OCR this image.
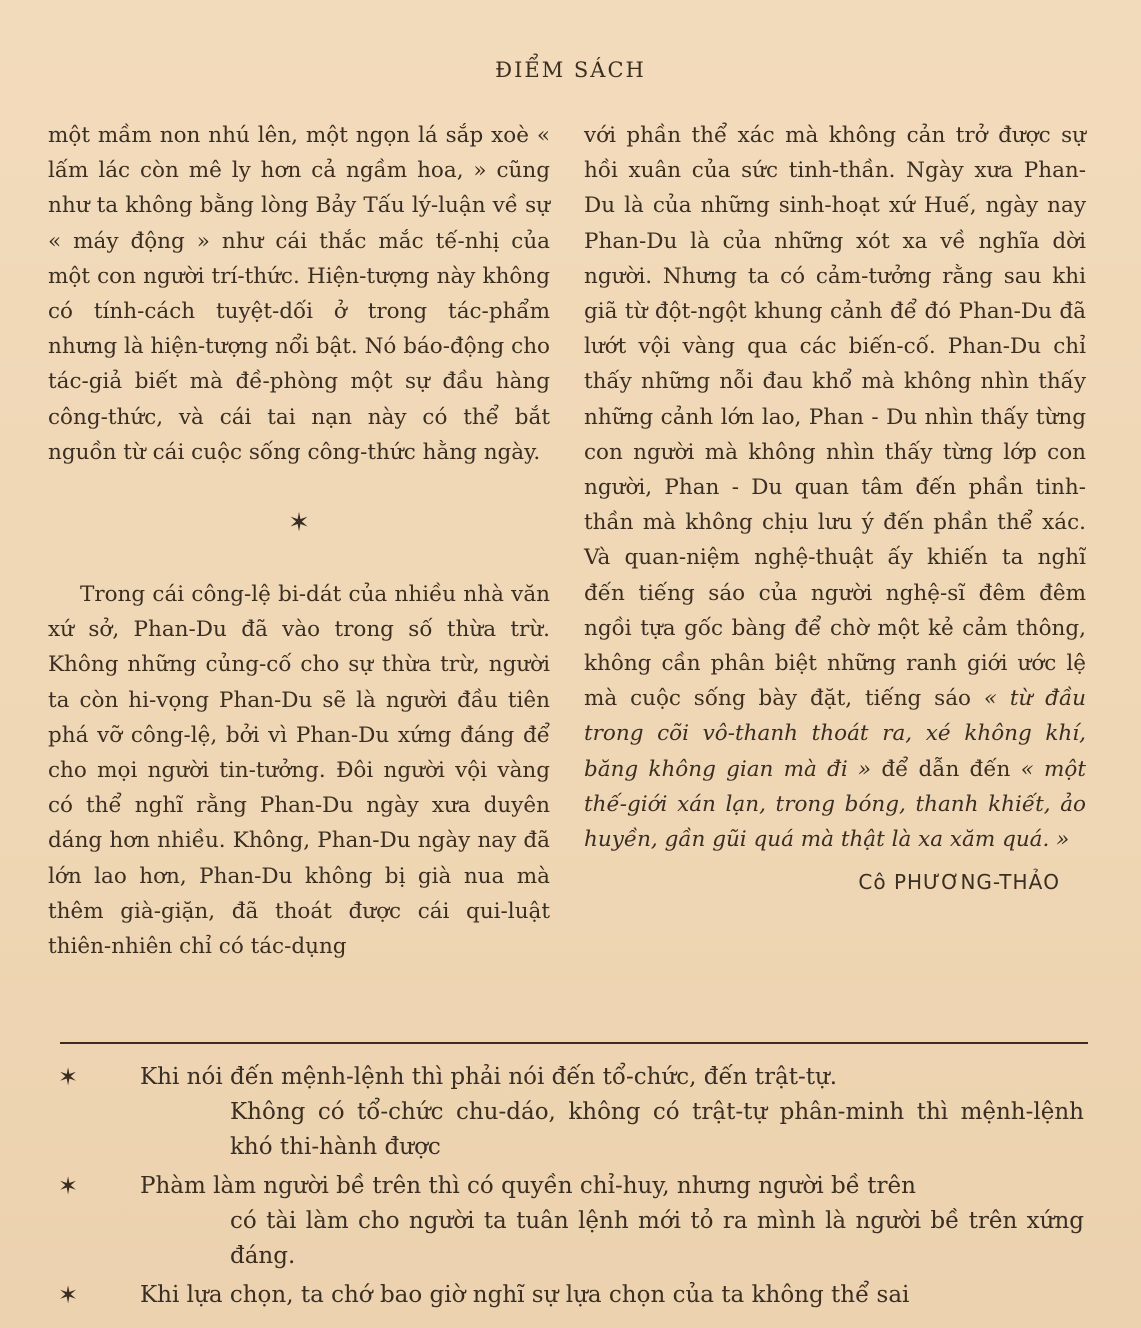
ĐIỂM SÁCH

một mầm non nhú lên, một ngọn lá sắp xoè « lấm lác còn mê ly hơn cả ngầm hoa, » cũng như ta không bằng lòng Bảy Tấu lý-luận về sự « máy động » như cái thắc mắc tế-nhị của một con người trí-thức. Hiện-tượng này không có tính-cách tuyệt-dối ở trong tác-phẩm nhưng là hiện-tượng nổi bật. Nó báo-động cho tác-giả biết mà đề-phòng một sự đầu hàng công-thức, và cái tai nạn này có thể bắt nguồn từ cái cuộc sống công-thức hằng ngày.

✶

Trong cái công-lệ bi-dát của nhiều nhà văn xứ sở, Phan-Du đã vào trong số thừa trừ. Không những củng-cố cho sự thừa trừ, người ta còn hi-vọng Phan-Du sẽ là người đầu tiên phá vỡ công-lệ, bởi vì Phan-Du xứng đáng để cho mọi người tin-tưởng. Đôi người vội vàng có thể nghĩ rằng Phan-Du ngày xưa duyên dáng hơn nhiều. Không, Phan-Du ngày nay đã lớn lao hơn, Phan-Du không bị già nua mà thêm già-giặn, đã thoát được cái qui-luật thiên-nhiên chỉ có tác-dụng

với phần thể xác mà không cản trở được sự hồi xuân của sức tinh-thần. Ngày xưa Phan-Du là của những sinh-hoạt xứ Huế, ngày nay Phan-Du là của những xót xa về nghĩa dời người. Nhưng ta có cảm-tưởng rằng sau khi giã từ đột-ngột khung cảnh để đó Phan-Du đã lướt vội vàng qua các biến-cố. Phan-Du chỉ thấy những nỗi đau khổ mà không nhìn thấy những cảnh lớn lao, Phan - Du nhìn thấy từng con người mà không nhìn thấy từng lớp con người, Phan - Du quan tâm đến phần tinh-thần mà không chịu lưu ý đến phần thể xác. Và quan-niệm nghệ-thuật ấy khiến ta nghĩ đến tiếng sáo của người nghệ-sĩ đêm đêm ngồi tựa gốc bàng để chờ một kẻ cảm thông, không cần phân biệt những ranh giới ước lệ mà cuộc sống bày đặt, tiếng sáo « từ đầu trong cõi vô-thanh thoát ra, xé không khí, băng không gian mà đi » để dẫn đến « một thế-giới xán lạn, trong bóng, thanh khiết, ảo huyền, gần gũi quá mà thật là xa xăm quá. »

Cô PHƯƠNG-THẢO
✶	Khi nói đến mệnh-lệnh thì phải nói đến tổ-chức, đến trật-tự.
Không có tổ-chức chu-dáo, không có trật-tự phân-minh thì mệnh-lệnh khó thi-hành được
✶	Phàm làm người bề trên thì có quyền chỉ-huy, nhưng người bề trên
có tài làm cho người ta tuân lệnh mới tỏ ra mình là người bề trên xứng đáng.
✶	Khi lựa chọn, ta chớ bao giờ nghĩ sự lựa chọn của ta không thể sai
